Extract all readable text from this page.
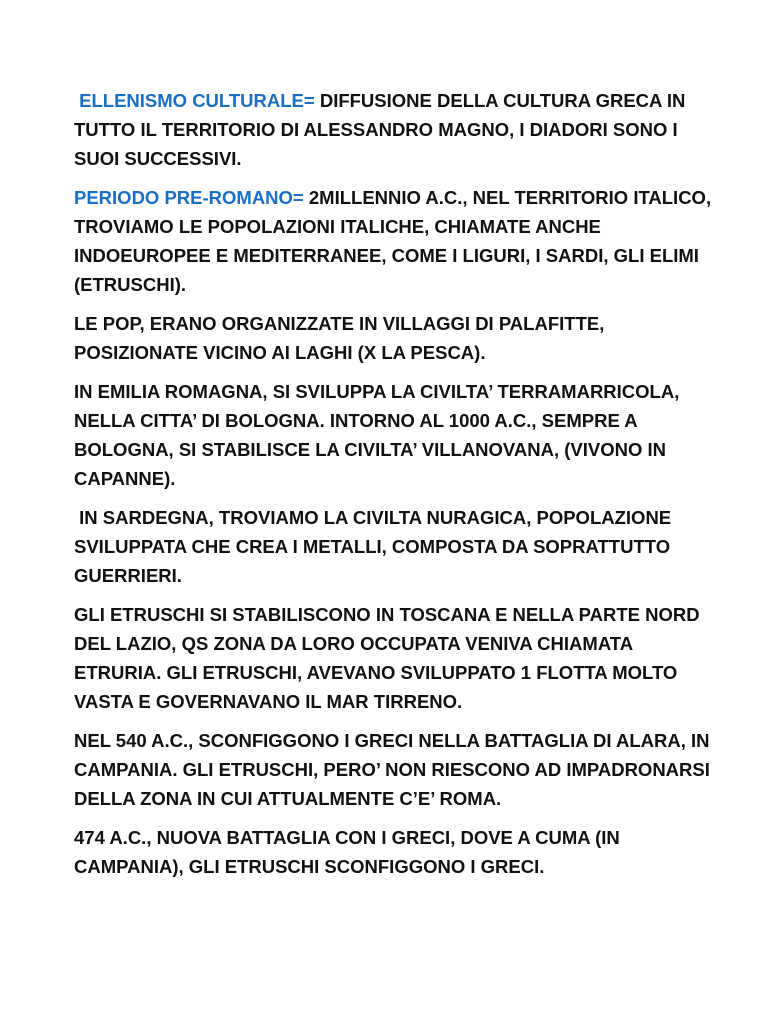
ELLENISMO CULTURALE= DIFFUSIONE DELLA CULTURA GRECA IN TUTTO IL TERRITORIO DI ALESSANDRO MAGNO, I DIADORI SONO I SUOI SUCCESSIVI.

PERIODO PRE-ROMANO= 2MILLENNIO A.C., NEL TERRITORIO ITALICO, TROVIAMO LE POPOLAZIONI ITALICHE, CHIAMATE ANCHE INDOEUROPEE E MEDITERRANEE, COME I LIGURI, I SARDI, GLI ELIMI (ETRUSCHI).

LE POP, ERANO ORGANIZZATE IN VILLAGGI DI PALAFITTE, POSIZIONATE VICINO AI LAGHI (X LA PESCA).

IN EMILIA ROMAGNA, SI SVILUPPA LA CIVILTA’ TERRAMARRICOLA, NELLA CITTA’ DI BOLOGNA. INTORNO AL 1000 A.C., SEMPRE A BOLOGNA, SI STABILISCE LA CIVILTA’ VILLANOVANA, (VIVONO IN CAPANNE).

IN SARDEGNA, TROVIAMO LA CIVILTA NURAGICA, POPOLAZIONE SVILUPPATA CHE CREA I METALLI, COMPOSTA DA SOPRATTUTTO GUERRIERI.

GLI ETRUSCHI SI STABILISCONO IN TOSCANA E NELLA PARTE NORD DEL LAZIO, QS ZONA DA LORO OCCUPATA VENIVA CHIAMATA ETRURIA. GLI ETRUSCHI, AVEVANO SVILUPPATO 1 FLOTTA MOLTO VASTA E GOVERNAVANO IL MAR TIRRENO.

NEL 540 A.C., SCONFIGGONO I GRECI NELLA BATTAGLIA DI ALARA, IN CAMPANIA. GLI ETRUSCHI, PERO’ NON RIESCONO AD IMPADRONARSI DELLA ZONA IN CUI ATTUALMENTE C’E’ ROMA.

474 A.C., NUOVA BATTAGLIA CON I GRECI, DOVE A CUMA (IN CAMPANIA), GLI ETRUSCHI SCONFIGGONO I GRECI.
